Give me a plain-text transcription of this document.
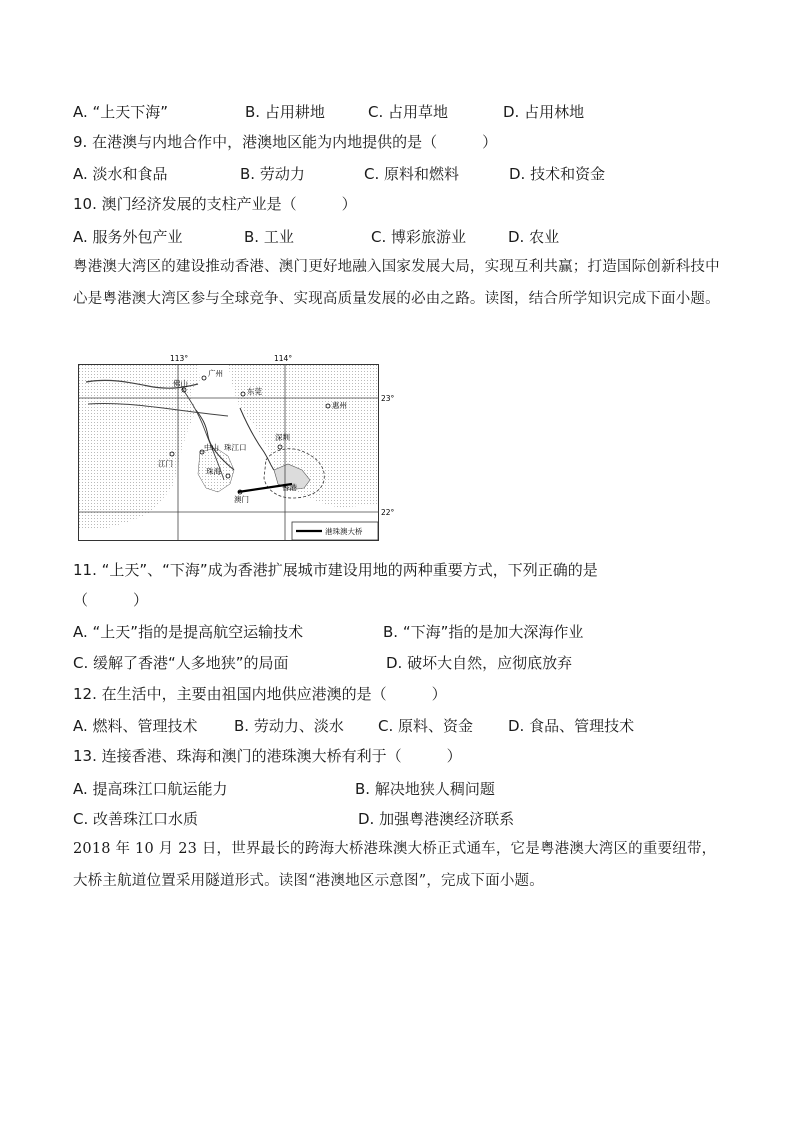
A. “上天下海”	B. 占用耕地	C. 占用草地	D. 占用林地
9. 在港澳与内地合作中，港澳地区能为内地提供的是（　　　）
A. 淡水和食品	B. 劳动力	C. 原料和燃料	D. 技术和资金
10. 澳门经济发展的支柱产业是（　　　）
A. 服务外包产业	B. 工业	C. 博彩旅游业	D. 农业
粤港澳大湾区的建设推动香港、澳门更好地融入国家发展大局，实现互利共赢；打造国际创新科技中心是粤港澳大湾区参与全球竞争、实现高质量发展的必由之路。读图，结合所学知识完成下面小题。
113°	114°
23°
22°
广州
佛山
东莞
惠州
深圳
江门
中山 珠江口
珠海
澳门
香港
港珠澳大桥
11. “上天”、“下海”成为香港扩展城市建设用地的两种重要方式，下列正确的是
（　　　）
A. “上天”指的是提高航空运输技术	B. “下海”指的是加大深海作业
C. 缓解了香港“人多地狭”的局面	D. 破坏大自然，应彻底放弃
12. 在生活中，主要由祖国内地供应港澳的是（　　　）
A. 燃料、管理技术 B. 劳动力、淡水 C. 原料、资金 D. 食品、管理技术
13. 连接香港、珠海和澳门的港珠澳大桥有利于（　　　）
A. 提高珠江口航运能力	B. 解决地狭人稠问题
C. 改善珠江口水质	D. 加强粤港澳经济联系
2018 年 10 月 23 日，世界最长的跨海大桥港珠澳大桥正式通车，它是粤港澳大湾区的重要纽带，大桥主航道位置采用隧道形式。读图“港澳地区示意图”，完成下面小题。
